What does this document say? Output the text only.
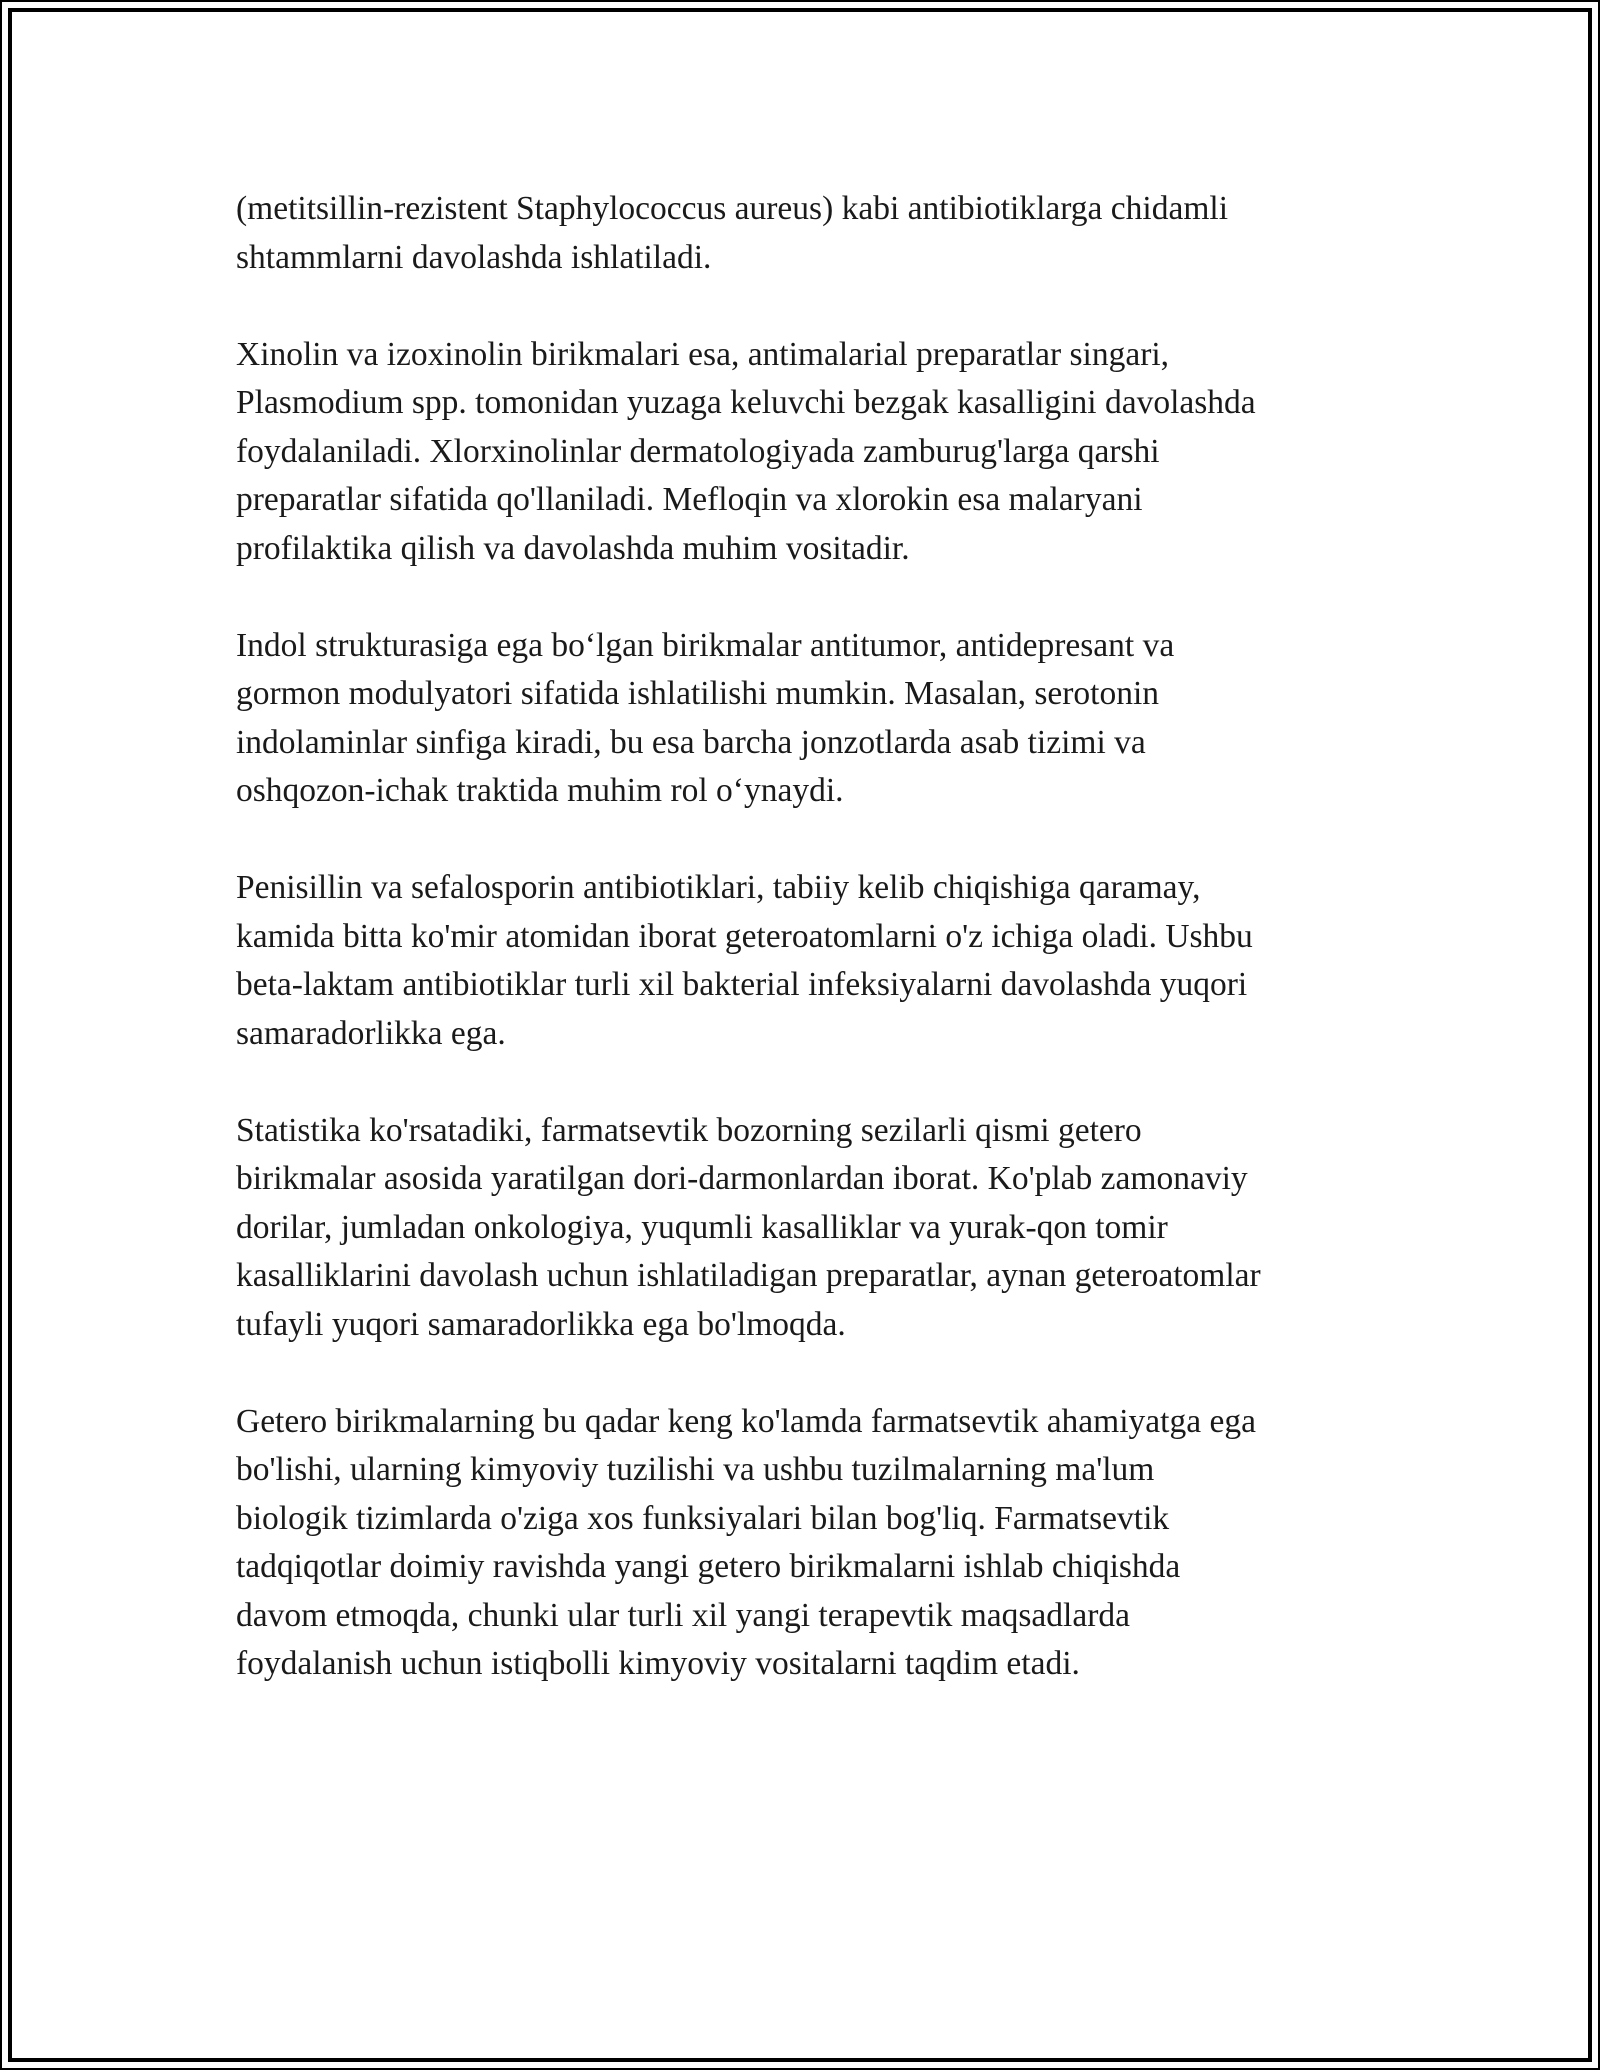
(metitsillin-rezistent Staphylococcus aureus) kabi antibiotiklarga chidamli
shtammlarni davolashda ishlatiladi.

Xinolin va izoxinolin birikmalari esa, antimalarial preparatlar singari,
Plasmodium spp. tomonidan yuzaga keluvchi bezgak kasalligini davolashda
foydalaniladi. Xlorxinolinlar dermatologiyada zamburug'larga qarshi
preparatlar sifatida qo'llaniladi. Mefloqin va xlorokin esa malaryani
profilaktika qilish va davolashda muhim vositadir.

Indol strukturasiga ega bo‘lgan birikmalar antitumor, antidepresant va
gormon modulyatori sifatida ishlatilishi mumkin. Masalan, serotonin
indolaminlar sinfiga kiradi, bu esa barcha jonzotlarda asab tizimi va
oshqozon-ichak traktida muhim rol o‘ynaydi.

Penisillin va sefalosporin antibiotiklari, tabiiy kelib chiqishiga qaramay,
kamida bitta ko'mir atomidan iborat geteroatomlarni o'z ichiga oladi. Ushbu
beta-laktam antibiotiklar turli xil bakterial infeksiyalarni davolashda yuqori
samaradorlikka ega.

Statistika ko'rsatadiki, farmatsevtik bozorning sezilarli qismi getero
birikmalar asosida yaratilgan dori-darmonlardan iborat. Ko'plab zamonaviy
dorilar, jumladan onkologiya, yuqumli kasalliklar va yurak-qon tomir
kasalliklarini davolash uchun ishlatiladigan preparatlar, aynan geteroatomlar
tufayli yuqori samaradorlikka ega bo'lmoqda.

Getero birikmalarning bu qadar keng ko'lamda farmatsevtik ahamiyatga ega
bo'lishi, ularning kimyoviy tuzilishi va ushbu tuzilmalarning ma'lum
biologik tizimlarda o'ziga xos funksiyalari bilan bog'liq. Farmatsevtik
tadqiqotlar doimiy ravishda yangi getero birikmalarni ishlab chiqishda
davom etmoqda, chunki ular turli xil yangi terapevtik maqsadlarda
foydalanish uchun istiqbolli kimyoviy vositalarni taqdim etadi.
